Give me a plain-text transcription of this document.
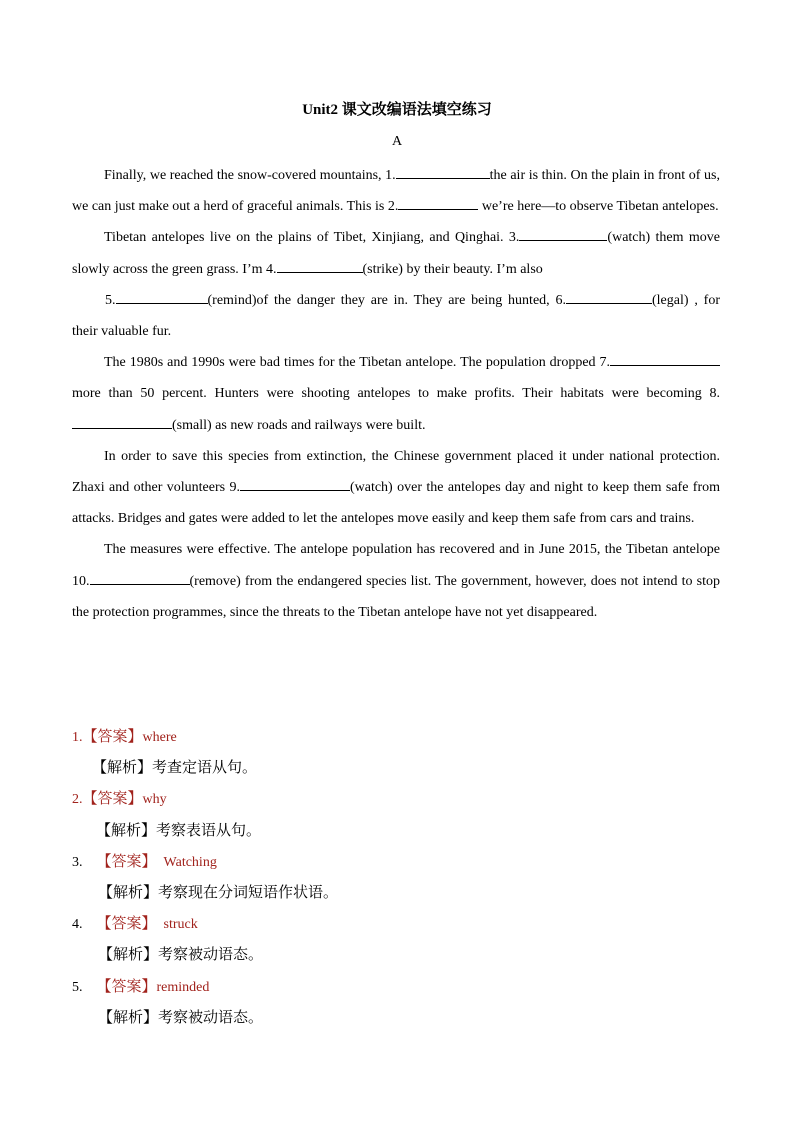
Unit2 课文改编语法填空练习
A

Finally, we reached the snow-covered mountains, 1.	the air is thin. On the plain in front of us, we can just make out a herd of graceful animals. This is 2.	we’re here—to observe Tibetan antelopes.

Tibetan antelopes live on the plains of Tibet, Xinjiang, and Qinghai. 3.	(watch) them move slowly across the green grass. I’m 4.	(strike) by their beauty. I’m also

5.	(remind)of the danger they are in. They are being hunted, 6.	(legal) , for their valuable fur.

The 1980s and 1990s were bad times for the Tibetan antelope. The population dropped 7.more than 50 percent. Hunters were shooting antelopes to make profits. Their habitats were becoming 8.(small) as new roads and railways were built.

In order to save this species from extinction, the Chinese government placed it under national protection. Zhaxi and other volunteers 9.	(watch) over the antelopes day and night to keep them safe from attacks. Bridges and gates were added to let the antelopes move easily and keep them safe from cars and trains.

The measures were effective. The antelope population has recovered and in June 2015, the Tibetan antelope 10.	(remove) from the endangered species list. The government, however, does not intend to stop the protection programmes, since the threats to the Tibetan antelope have not yet disappeared.

1.【答案】where
【解析】考查定语从句。
2.【答案】why
【解析】考察表语从句。
3. 【答案】 Watching
【解析】考察现在分词短语作状语。
4. 【答案】 struck
【解析】考察被动语态。
5. 【答案】reminded
【解析】考察被动语态。
